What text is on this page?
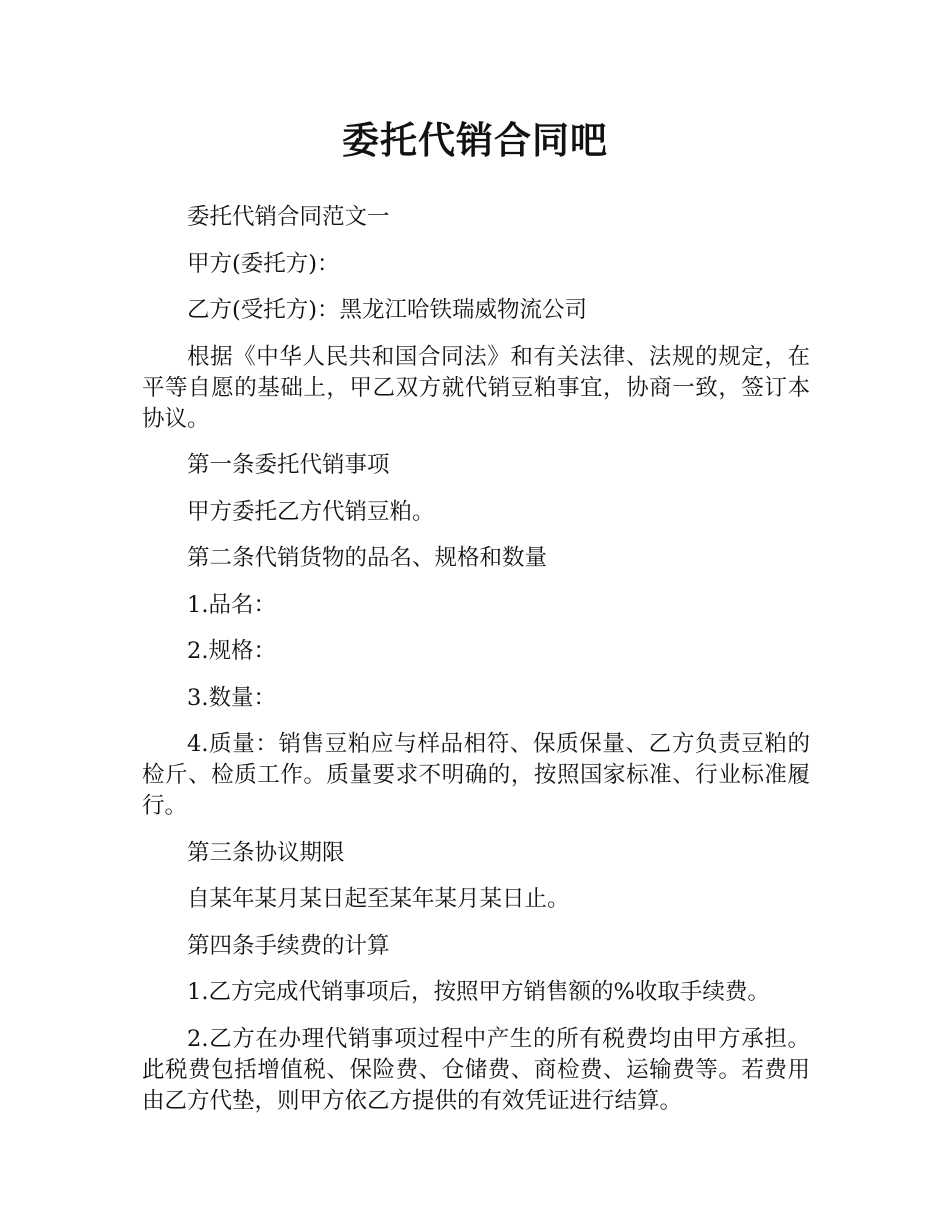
委托代销合同吧

委托代销合同范文一

甲方(委托方)：

乙方(受托方)：黑龙江哈铁瑞威物流公司

根据《中华人民共和国合同法》和有关法律、法规的规定，在平等自愿的基础上，甲乙双方就代销豆粕事宜，协商一致，签订本协议。

第一条委托代销事项

甲方委托乙方代销豆粕。

第二条代销货物的品名、规格和数量

1.品名：

2.规格：

3.数量：

4.质量：销售豆粕应与样品相符、保质保量、乙方负责豆粕的检斤、检质工作。质量要求不明确的，按照国家标准、行业标准履行。

第三条协议期限

自某年某月某日起至某年某月某日止。

第四条手续费的计算

1.乙方完成代销事项后，按照甲方销售额的%收取手续费。

2.乙方在办理代销事项过程中产生的所有税费均由甲方承担。此税费包括增值税、保险费、仓储费、商检费、运输费等。若费用由乙方代垫，则甲方依乙方提供的有效凭证进行结算。
